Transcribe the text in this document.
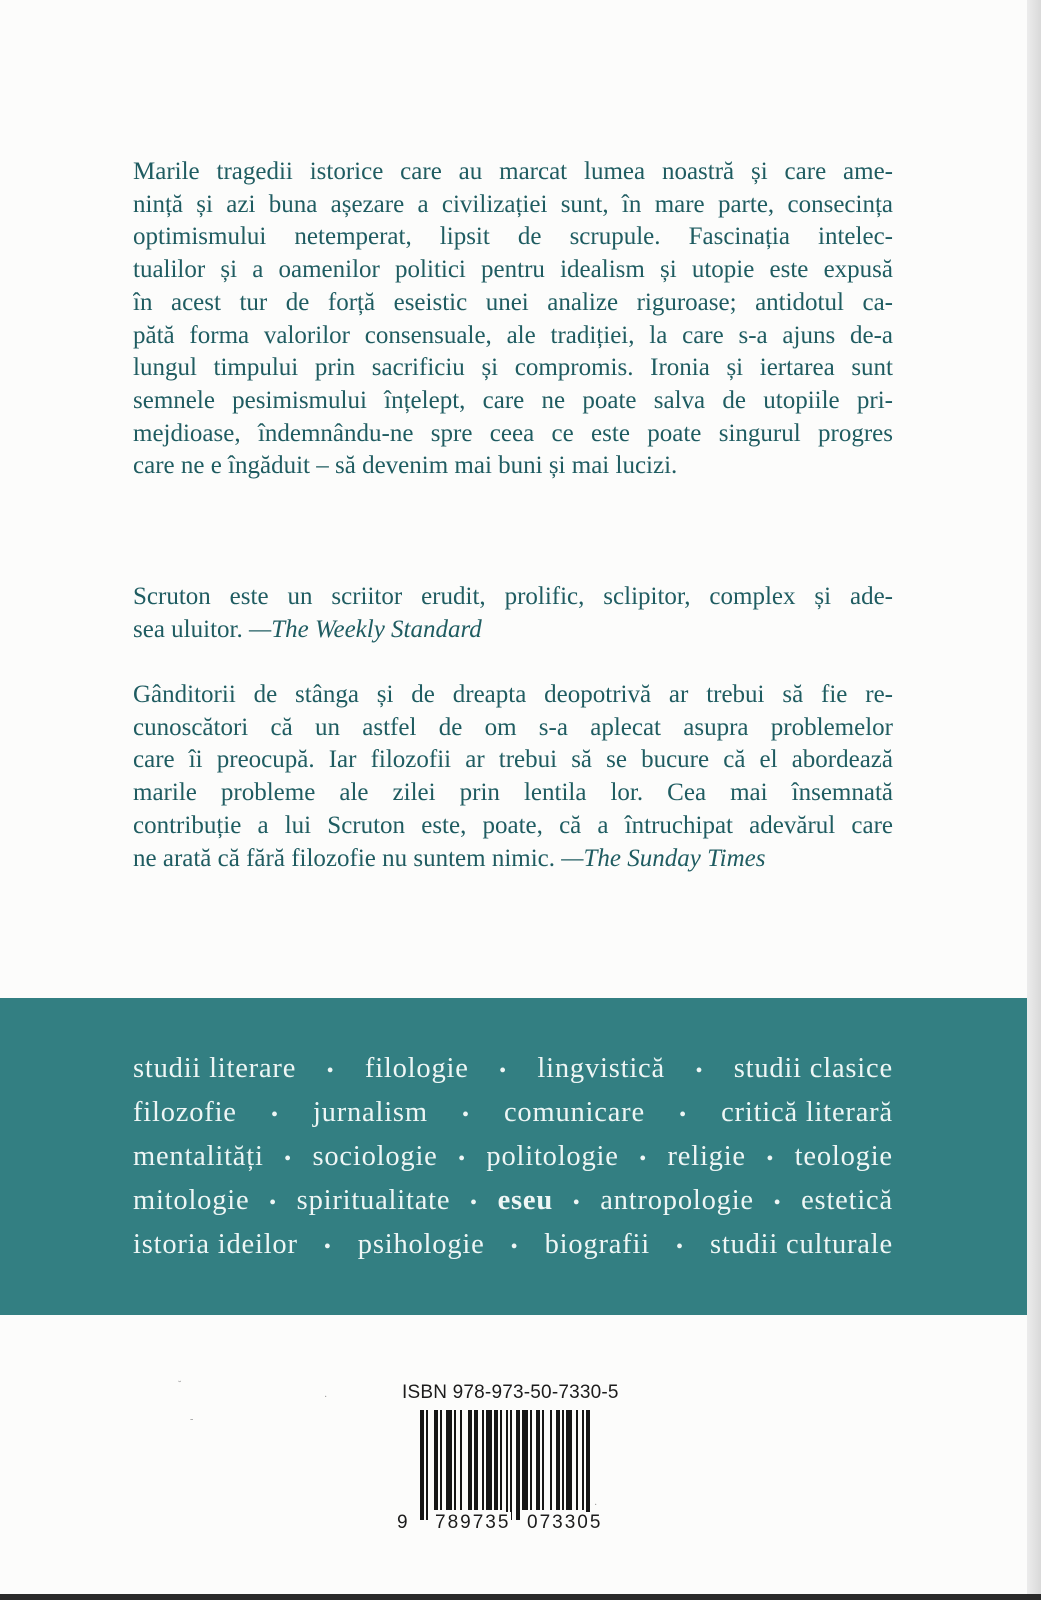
Marile tragedii istorice care au marcat lumea noastră și care ame-
nință și azi buna așezare a civilizației sunt, în mare parte, consecința
optimismului netemperat, lipsit de scrupule. Fascinația intelec-
tualilor și a oamenilor politici pentru idealism și utopie este expusă
în acest tur de forță eseistic unei analize riguroase; antidotul ca-
pătă forma valorilor consensuale, ale tradiției, la care s-a ajuns de-a
lungul timpului prin sacrificiu și compromis. Ironia și iertarea sunt
semnele pesimismului înțelept, care ne poate salva de utopiile pri-
mejdioase, îndemnându-ne spre ceea ce este poate singurul progres
care ne e îngăduit – să devenim mai buni și mai lucizi.
Scruton este un scriitor erudit, prolific, sclipitor, complex și ade-
sea uluitor. —The Weekly Standard
Gânditorii de stânga și de dreapta deopotrivă ar trebui să fie re-
cunoscători că un astfel de om s-a aplecat asupra problemelor
care îi preocupă. Iar filozofii ar trebui să se bucure că el abordează
marile probleme ale zilei prin lentila lor. Cea mai însemnată
contribuție a lui Scruton este, poate, că a întruchipat adevărul care
ne arată că fără filozofie nu suntem nimic. —The Sunday Times
studii literare • filologie • lingvistică • studii clasice
filozofie • jurnalism • comunicare • critică literară
mentalități • sociologie • politologie • religie • teologie
mitologie • spiritualitate • eseu • antropologie • estetică
istoria ideilor • psihologie • biografii • studii culturale
ISBN 978-973-50-7330-5
9 789735 073305
˘
-
·
·
